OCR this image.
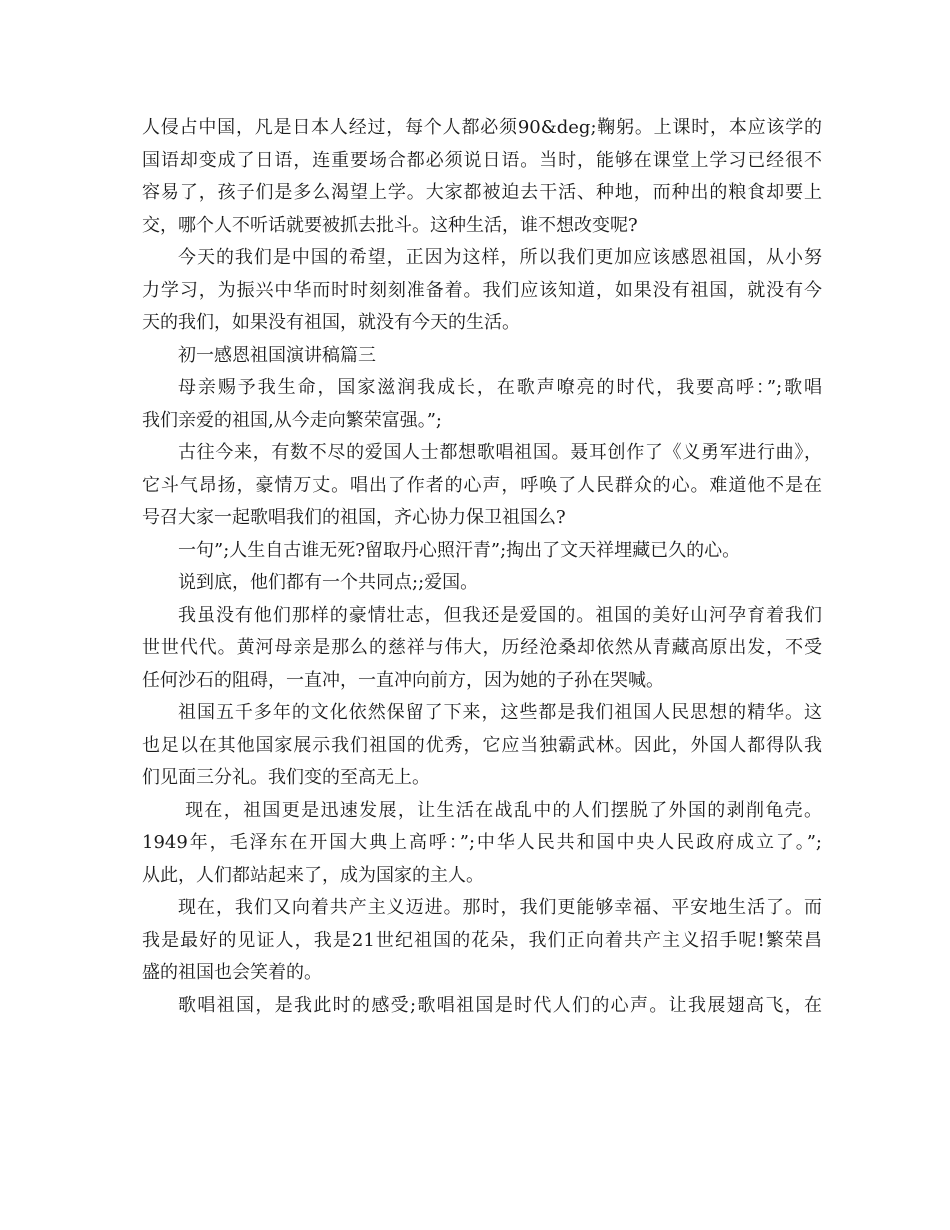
人侵占中国，凡是日本人经过，每个人都必须90&deg;鞠躬。上课时，本应该学的
国语却变成了日语，连重要场合都必须说日语。当时，能够在课堂上学习已经很不
容易了，孩子们是多么渴望上学。大家都被迫去干活、种地，而种出的粮食却要上
交，哪个人不听话就要被抓去批斗。这种生活，谁不想改变呢?
今天的我们是中国的希望，正因为这样，所以我们更加应该感恩祖国，从小努
力学习，为振兴中华而时时刻刻准备着。我们应该知道，如果没有祖国，就没有今
天的我们，如果没有祖国，就没有今天的生活。
初一感恩祖国演讲稿篇三
母亲赐予我生命，国家滋润我成长，在歌声嘹亮的时代，我要高呼：”;歌唱
我们亲爱的祖国,从今走向繁荣富强。”;
古往今来，有数不尽的爱国人士都想歌唱祖国。聂耳创作了《义勇军进行曲》，
它斗气昂扬，豪情万丈。唱出了作者的心声，呼唤了人民群众的心。难道他不是在
号召大家一起歌唱我们的祖国，齐心协力保卫祖国么?
一句”;人生自古谁无死?留取丹心照汗青”;掏出了文天祥埋藏已久的心。
说到底，他们都有一个共同点;;爱国。
我虽没有他们那样的豪情壮志，但我还是爱国的。祖国的美好山河孕育着我们
世世代代。黄河母亲是那么的慈祥与伟大，历经沧桑却依然从青藏高原出发，不受
任何沙石的阻碍，一直冲，一直冲向前方，因为她的子孙在哭喊。
祖国五千多年的文化依然保留了下来，这些都是我们祖国人民思想的精华。这
也足以在其他国家展示我们祖国的优秀，它应当独霸武林。因此，外国人都得队我
们见面三分礼。我们变的至高无上。
现在，祖国更是迅速发展，让生活在战乱中的人们摆脱了外国的剥削龟壳。
1949年，毛泽东在开国大典上高呼：”;中华人民共和国中央人民政府成立了。”;
从此，人们都站起来了，成为国家的主人。
现在，我们又向着共产主义迈进。那时，我们更能够幸福、平安地生活了。而
我是最好的见证人，我是21世纪祖国的花朵，我们正向着共产主义招手呢!繁荣昌
盛的祖国也会笑着的。
歌唱祖国，是我此时的感受;歌唱祖国是时代人们的心声。让我展翅高飞，在
